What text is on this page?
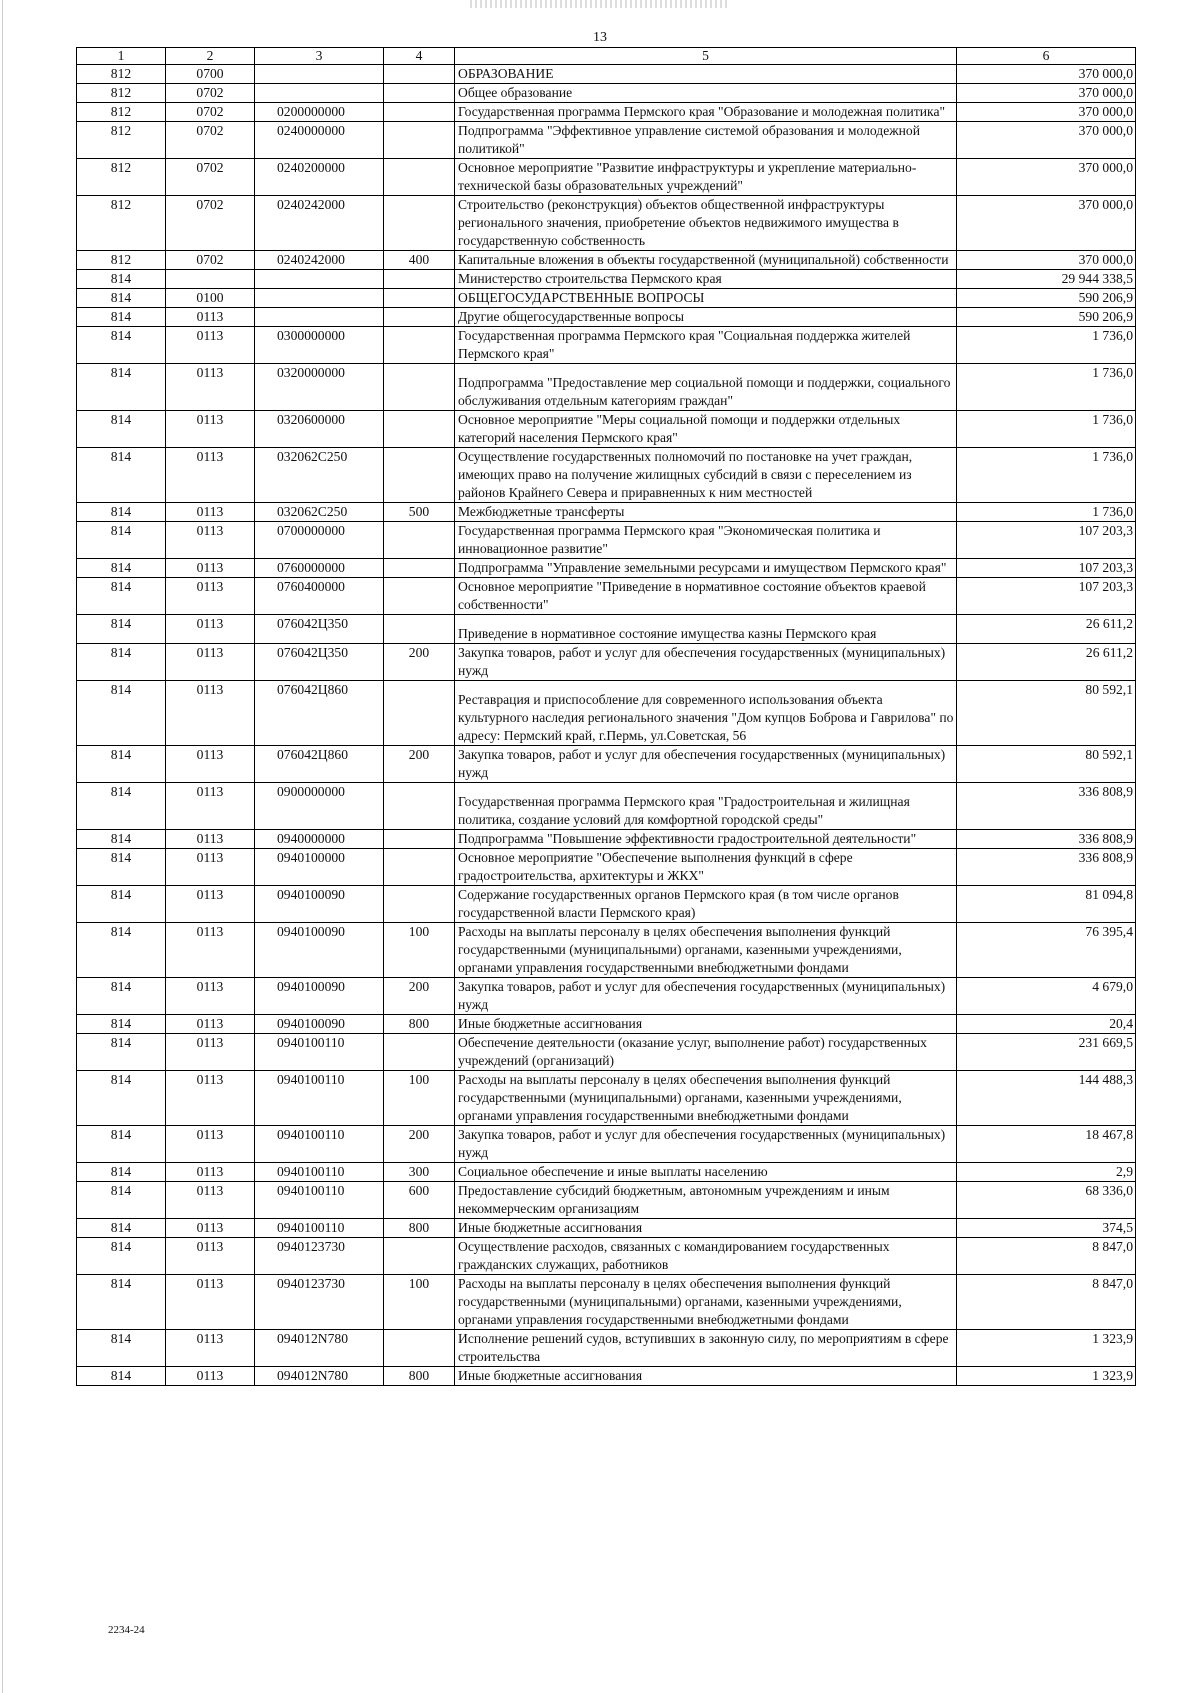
13
1	2	3	4	5	6
812	0700			ОБРАЗОВАНИЕ	370 000,0
812	0702			Общее образование	370 000,0
812	0702	0200000000		Государственная программа Пермского края "Образование и молодежная политика"	370 000,0
812	0702	0240000000		Подпрограмма "Эффективное управление системой образования и молодежной политикой"	370 000,0
812	0702	0240200000		Основное мероприятие "Развитие инфраструктуры и укрепление материально-технической базы образовательных учреждений"	370 000,0
812	0702	0240242000		Строительство (реконструкция) объектов общественной инфраструктуры регионального значения, приобретение объектов недвижимого имущества в государственную собственность	370 000,0
812	0702	0240242000	400	Капитальные вложения в объекты государственной (муниципальной) собственности	370 000,0
814				Министерство строительства Пермского края	29 944 338,5
814	0100			ОБЩЕГОСУДАРСТВЕННЫЕ ВОПРОСЫ	590 206,9
814	0113			Другие общегосударственные вопросы	590 206,9
814	0113	0300000000		Государственная программа Пермского края "Социальная поддержка жителей Пермского края"	1 736,0
814	0113	0320000000		Подпрограмма "Предоставление мер социальной помощи и поддержки, социального обслуживания отдельным категориям граждан"	1 736,0
814	0113	0320600000		Основное мероприятие "Меры социальной помощи и поддержки отдельных категорий населения Пермского края"	1 736,0
814	0113	032062С250		Осуществление государственных полномочий по постановке на учет граждан, имеющих право на получение жилищных субсидий в связи с переселением из районов Крайнего Севера и приравненных к ним местностей	1 736,0
814	0113	032062С250	500	Межбюджетные трансферты	1 736,0
814	0113	0700000000		Государственная программа Пермского края "Экономическая политика и инновационное развитие"	107 203,3
814	0113	0760000000		Подпрограмма "Управление земельными ресурсами и имуществом Пермского края"	107 203,3
814	0113	0760400000		Основное мероприятие "Приведение в нормативное состояние объектов краевой собственности"	107 203,3
814	0113	076042Ц350		Приведение в нормативное состояние имущества казны Пермского края	26 611,2
814	0113	076042Ц350	200	Закупка товаров, работ и услуг для обеспечения государственных (муниципальных) нужд	26 611,2
814	0113	076042Ц860		Реставрация и приспособление для современного использования объекта культурного наследия регионального значения "Дом купцов Боброва и Гаврилова" по адресу: Пермский край, г.Пермь, ул.Советская, 56	80 592,1
814	0113	076042Ц860	200	Закупка товаров, работ и услуг для обеспечения государственных (муниципальных) нужд	80 592,1
814	0113	0900000000		Государственная программа Пермского края "Градостроительная и жилищная политика, создание условий для комфортной городской среды"	336 808,9
814	0113	0940000000		Подпрограмма "Повышение эффективности градостроительной деятельности"	336 808,9
814	0113	0940100000		Основное мероприятие "Обеспечение выполнения функций в сфере градостроительства, архитектуры и ЖКХ"	336 808,9
814	0113	0940100090		Содержание государственных органов Пермского края (в том числе органов государственной власти Пермского края)	81 094,8
814	0113	0940100090	100	Расходы на выплаты персоналу в целях обеспечения выполнения функций государственными (муниципальными) органами, казенными учреждениями, органами управления государственными внебюджетными фондами	76 395,4
814	0113	0940100090	200	Закупка товаров, работ и услуг для обеспечения государственных (муниципальных) нужд	4 679,0
814	0113	0940100090	800	Иные бюджетные ассигнования	20,4
814	0113	0940100110		Обеспечение деятельности (оказание услуг, выполнение работ) государственных учреждений (организаций)	231 669,5
814	0113	0940100110	100	Расходы на выплаты персоналу в целях обеспечения выполнения функций государственными (муниципальными) органами, казенными учреждениями, органами управления государственными внебюджетными фондами	144 488,3
814	0113	0940100110	200	Закупка товаров, работ и услуг для обеспечения государственных (муниципальных) нужд	18 467,8
814	0113	0940100110	300	Социальное обеспечение и иные выплаты населению	2,9
814	0113	0940100110	600	Предоставление субсидий бюджетным, автономным учреждениям и иным некоммерческим организациям	68 336,0
814	0113	0940100110	800	Иные бюджетные ассигнования	374,5
814	0113	0940123730		Осуществление расходов, связанных с командированием государственных гражданских служащих, работников	8 847,0
814	0113	0940123730	100	Расходы на выплаты персоналу в целях обеспечения выполнения функций государственными (муниципальными) органами, казенными учреждениями, органами управления государственными внебюджетными фондами	8 847,0
814	0113	094012N780		Исполнение решений судов, вступивших в законную силу, по мероприятиям в сфере строительства	1 323,9
814	0113	094012N780	800	Иные бюджетные ассигнования	1 323,9
2234-24
